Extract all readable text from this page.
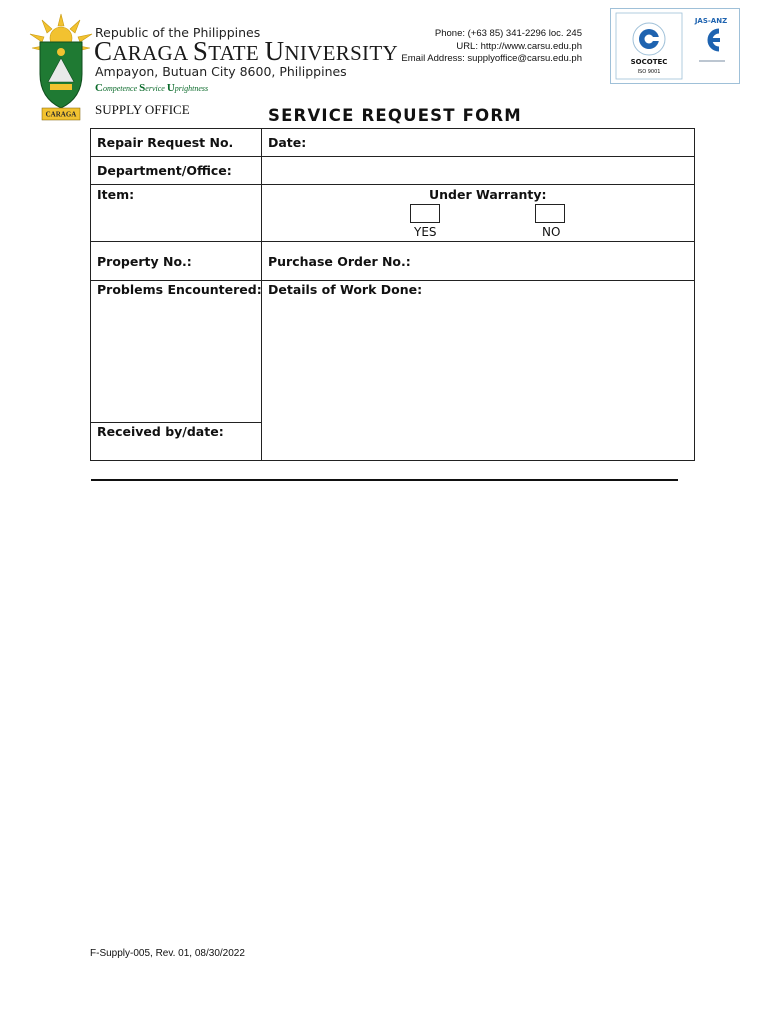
CARAGA
Republic of the Philippines
CARAGA STATE UNIVERSITY
Ampayon, Butuan City 8600, Philippines
Competence Service Uprightness
SUPPLY OFFICE
Phone: (+63 85) 341-2296 loc. 245
URL: http://www.carsu.edu.ph
Email Address: supplyoffice@carsu.edu.ph	SOCOTEC
ISO 9001
JAS-ANZ
SERVICE REQUEST FORM
Repair Request No.	Date:
Department/Office:
Item:	Under Warranty:
YES	NO
Property No.:	Purchase Order No.:
Problems Encountered: Details of Work Done:
Received by/date:
F-Supply-005, Rev. 01, 08/30/2022
